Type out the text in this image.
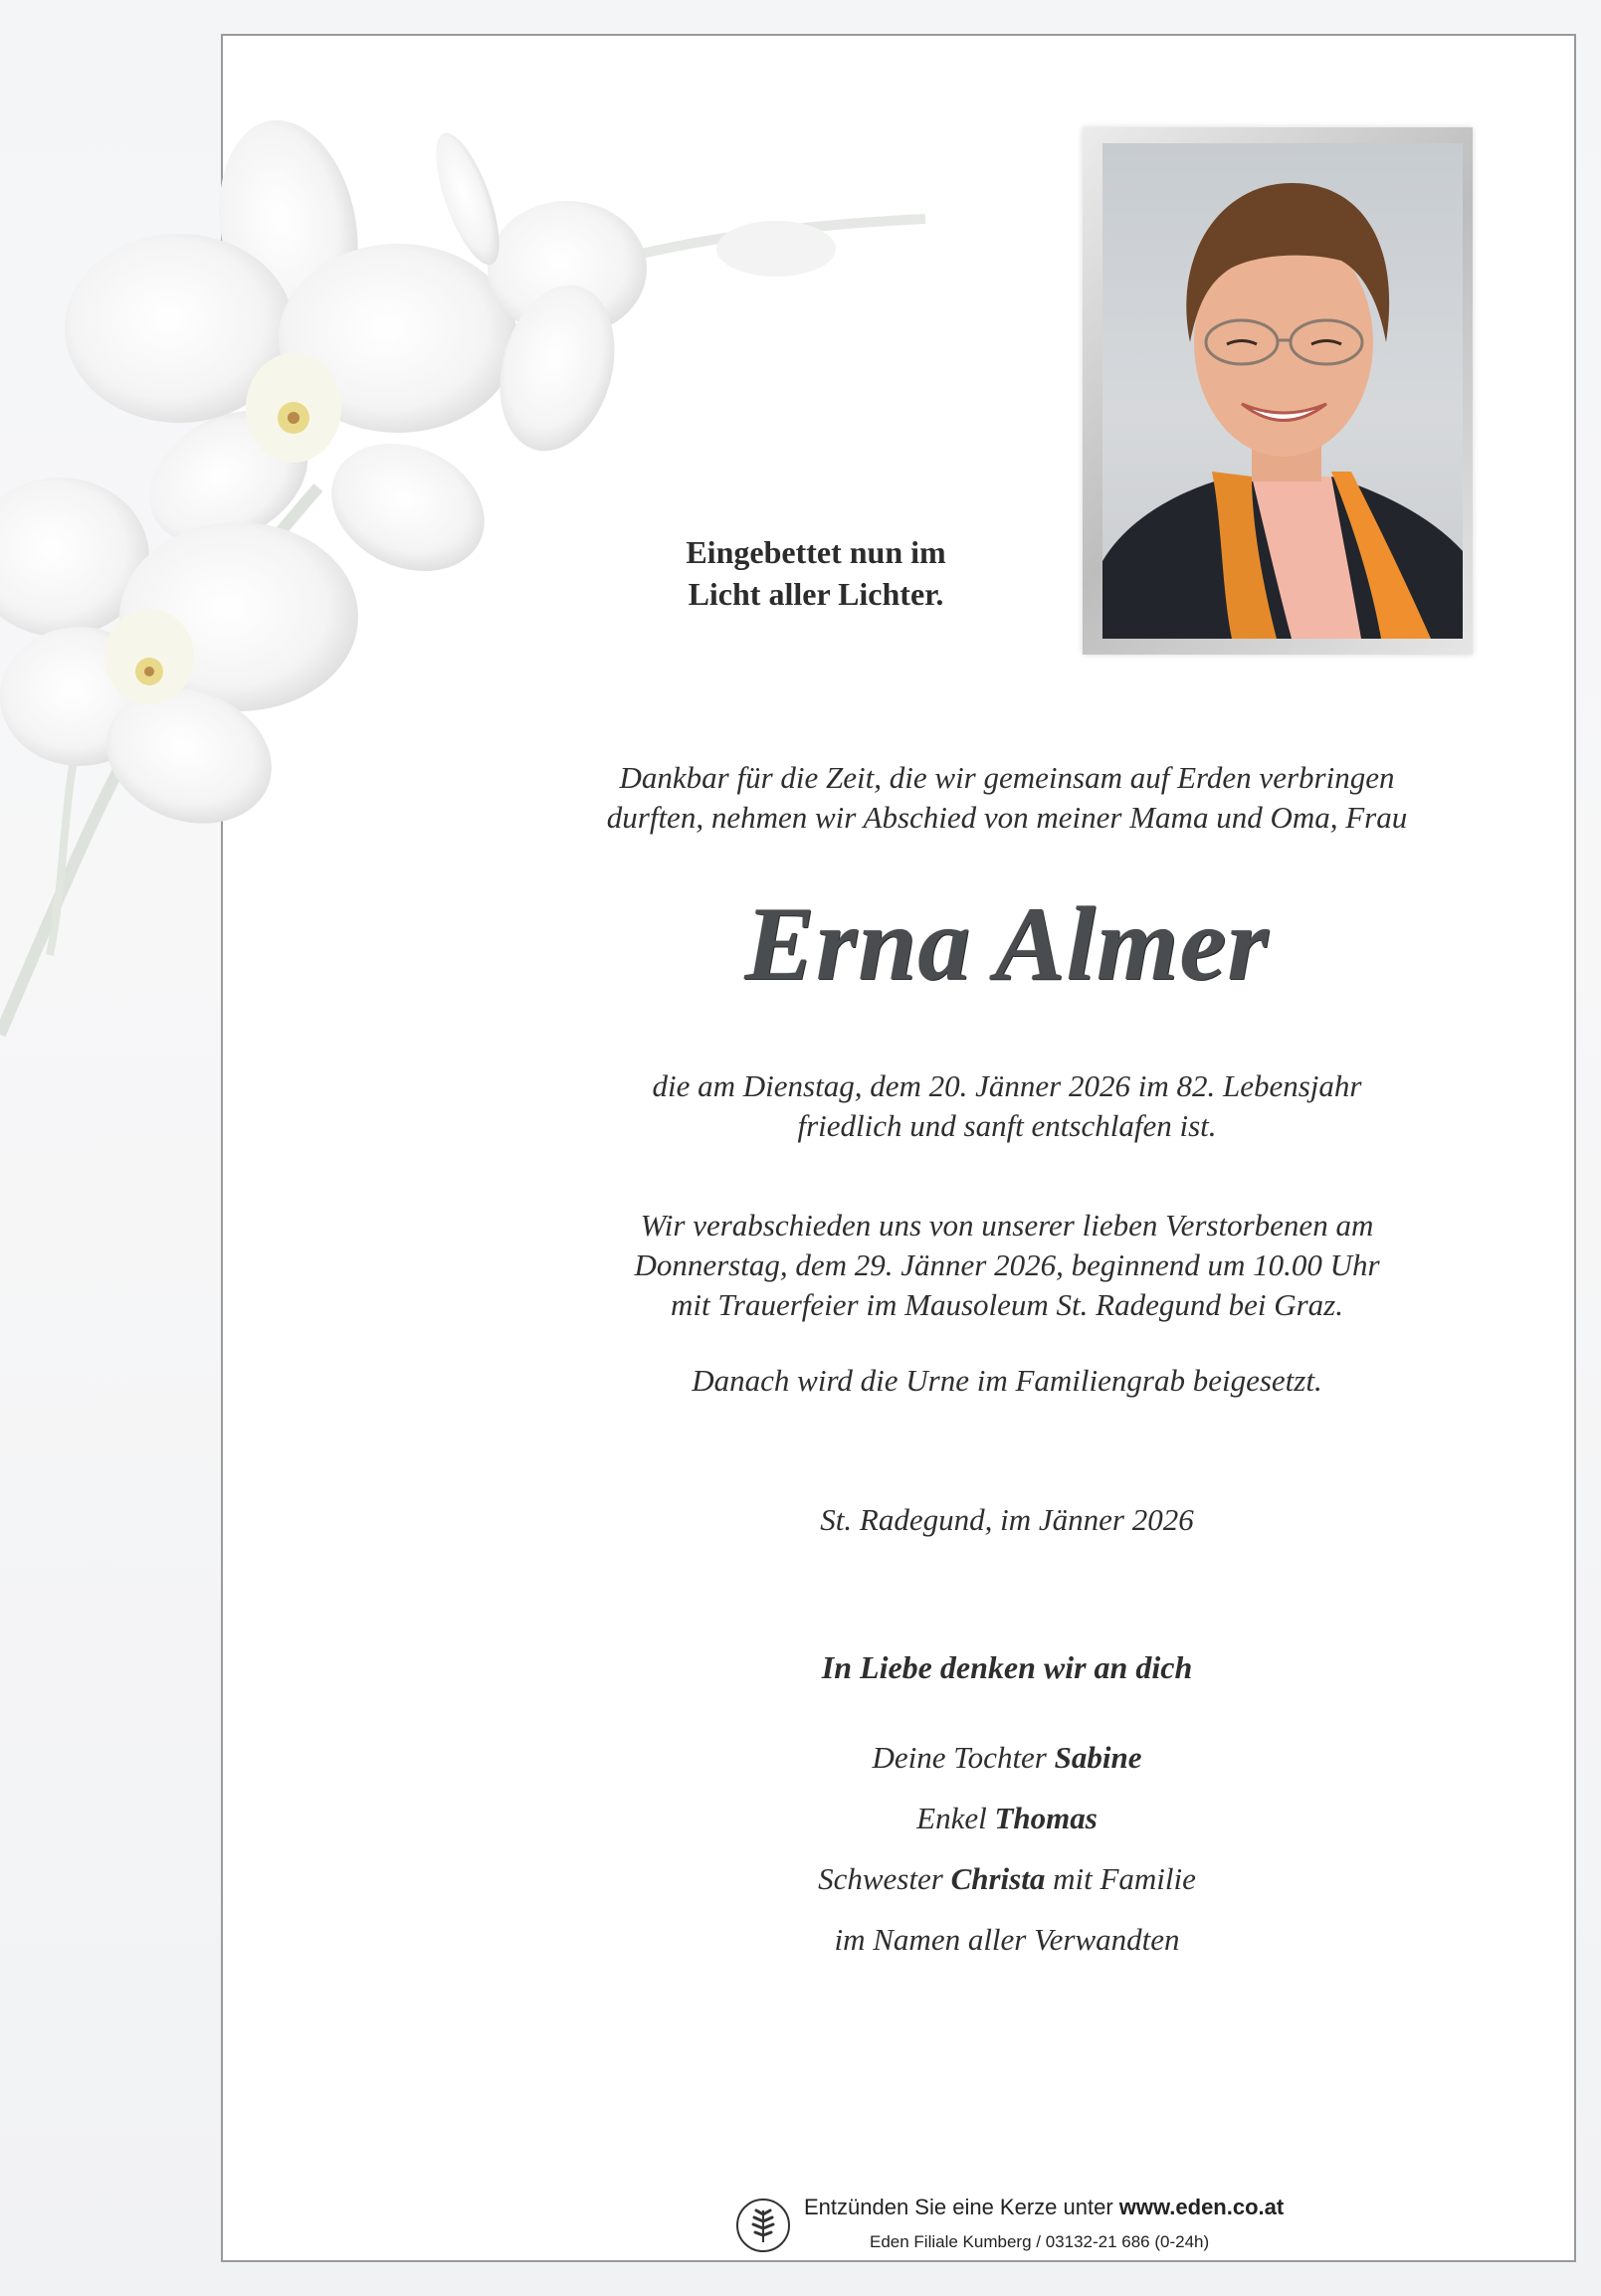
Eingebettet nun im
Licht aller Lichter.
Dankbar für die Zeit, die wir gemeinsam auf Erden verbringen
durften, nehmen wir Abschied von meiner Mama und Oma, Frau
Erna Almer
die am Dienstag, dem 20. Jänner 2026 im 82. Lebensjahr
friedlich und sanft entschlafen ist.
Wir verabschieden uns von unserer lieben Verstorbenen am
Donnerstag, dem 29. Jänner 2026, beginnend um 10.00 Uhr
mit Trauerfeier im Mausoleum St. Radegund bei Graz.
Danach wird die Urne im Familiengrab beigesetzt.
St. Radegund, im Jänner 2026
In Liebe denken wir an dich
Deine Tochter Sabine
Enkel Thomas
Schwester Christa mit Familie
im Namen aller Verwandten
Entzünden Sie eine Kerze unter www.eden.co.at
Eden Filiale Kumberg / 03132-21 686 (0-24h)
